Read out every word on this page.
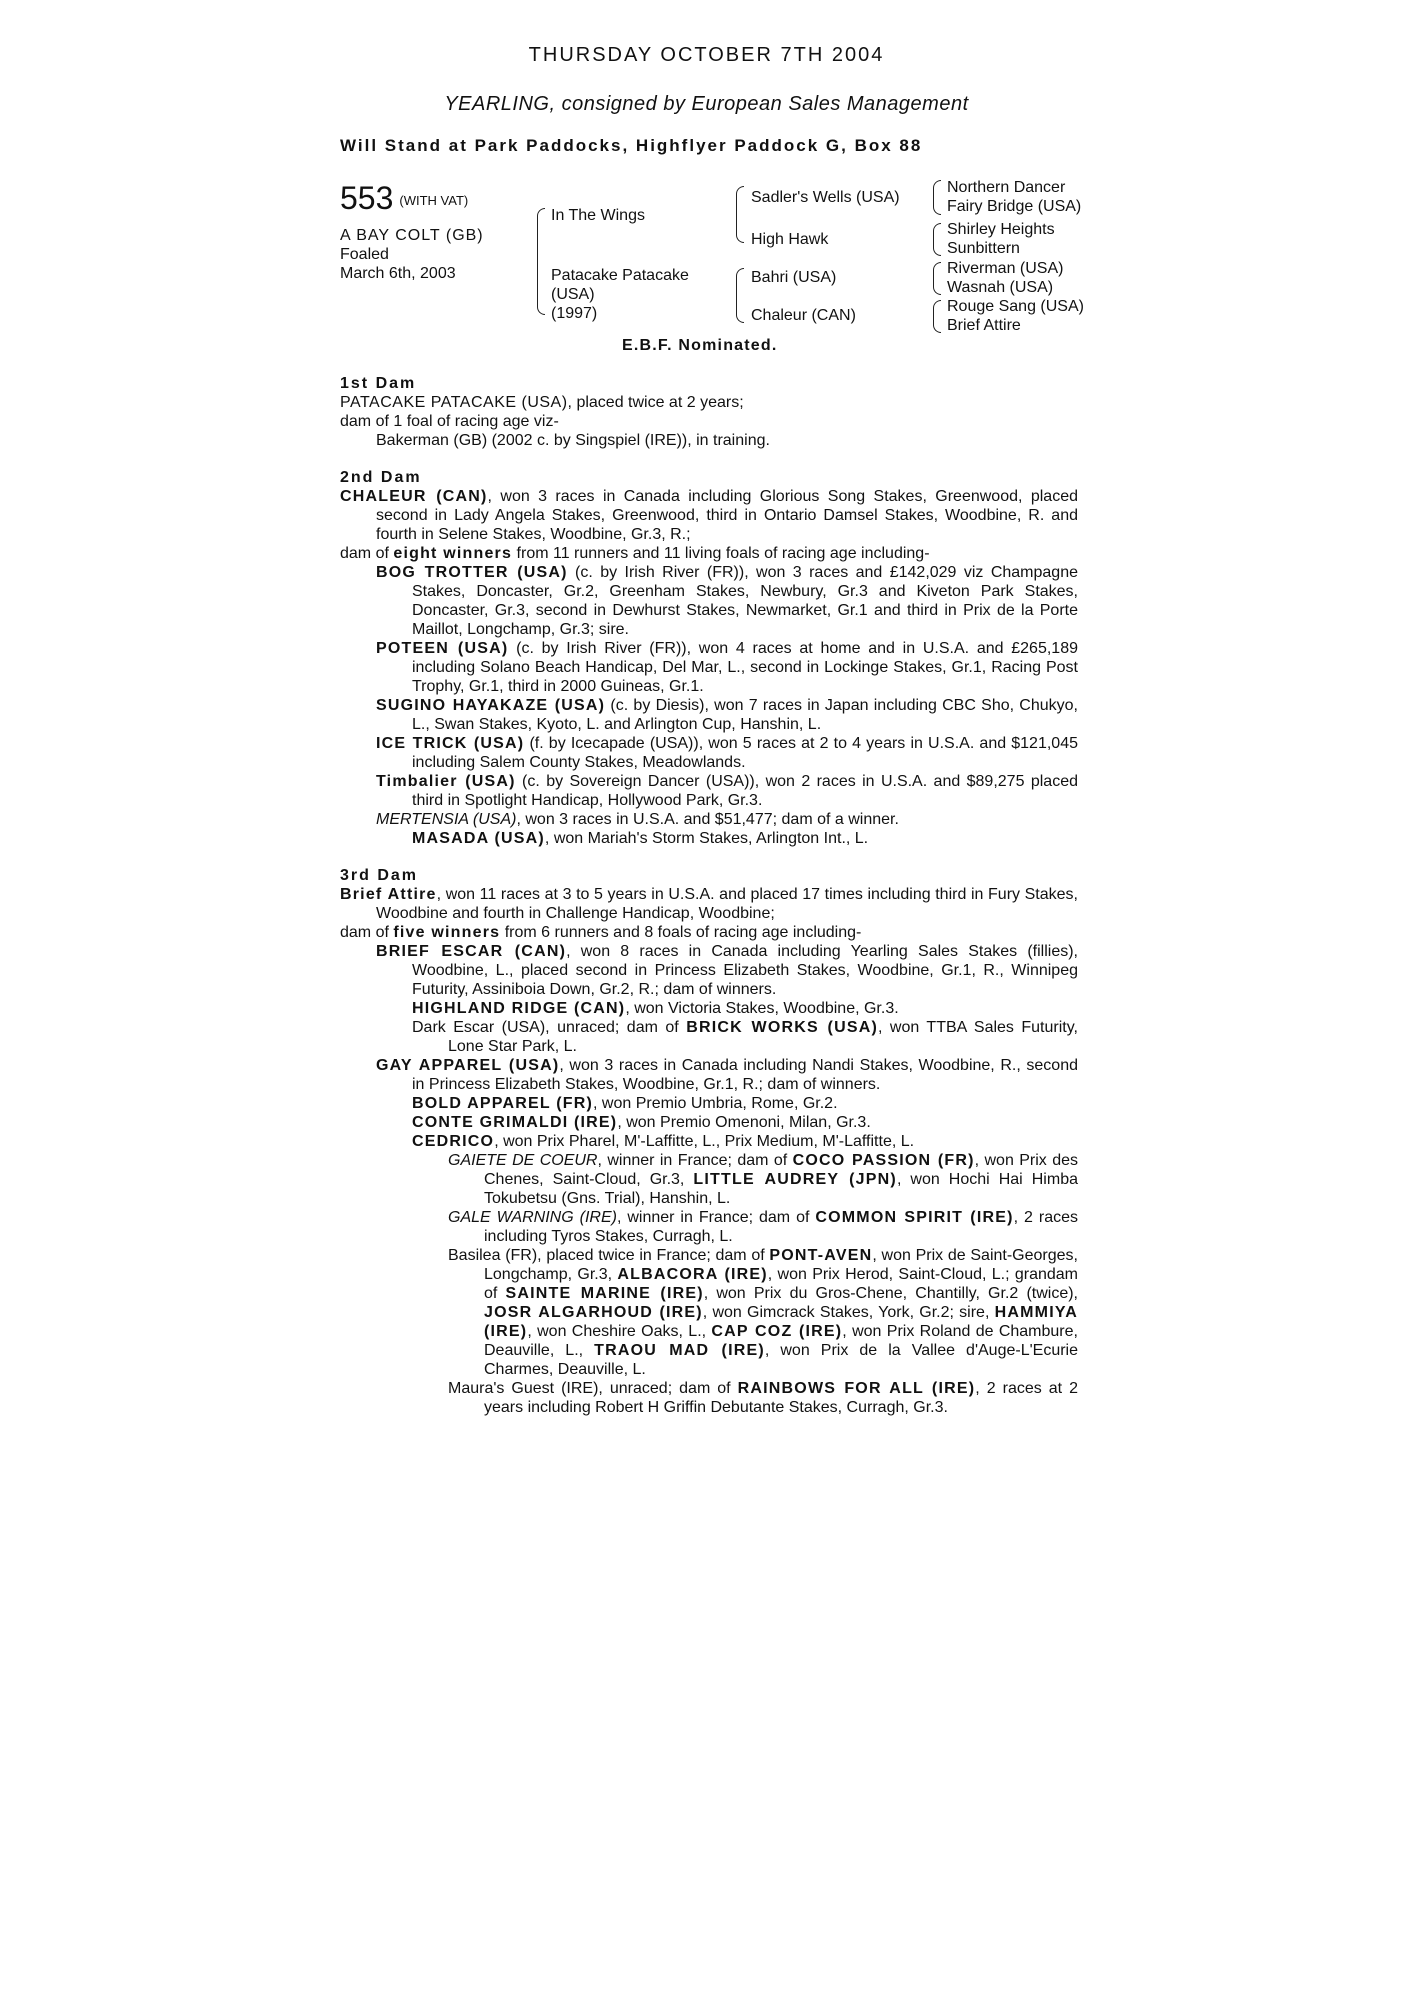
THURSDAY OCTOBER 7TH 2004
YEARLING, consigned by European Sales Management
Will Stand at Park Paddocks, Highflyer Paddock G, Box 88
553 (WITH VAT)
A BAY COLT (GB)
Foaled
March 6th, 2003
In The Wings
Patacake Patacake
(USA)
(1997)
Sadler's Wells (USA)
High Hawk
Bahri (USA)
Chaleur (CAN)
Northern Dancer
Fairy Bridge (USA)
Shirley Heights
Sunbittern
Riverman (USA)
Wasnah (USA)
Rouge Sang (USA)
Brief Attire
E.B.F. Nominated.

1st Dam

PATACAKE PATACAKE (USA), placed twice at 2 years;

dam of 1 foal of racing age viz-

Bakerman (GB) (2002 c. by Singspiel (IRE)), in training.

2nd Dam

CHALEUR (CAN), won 3 races in Canada including Glorious Song Stakes, Greenwood, placed second in Lady Angela Stakes, Greenwood, third in Ontario Damsel Stakes, Woodbine, R. and fourth in Selene Stakes, Woodbine, Gr.3, R.;

dam of eight winners from 11 runners and 11 living foals of racing age including-

BOG TROTTER (USA) (c. by Irish River (FR)), won 3 races and £142,029 viz Champagne Stakes, Doncaster, Gr.2, Greenham Stakes, Newbury, Gr.3 and Kiveton Park Stakes, Doncaster, Gr.3, second in Dewhurst Stakes, Newmarket, Gr.1 and third in Prix de la Porte Maillot, Longchamp, Gr.3; sire.

POTEEN (USA) (c. by Irish River (FR)), won 4 races at home and in U.S.A. and £265,189 including Solano Beach Handicap, Del Mar, L., second in Lockinge Stakes, Gr.1, Racing Post Trophy, Gr.1, third in 2000 Guineas, Gr.1.

SUGINO HAYAKAZE (USA) (c. by Diesis), won 7 races in Japan including CBC Sho, Chukyo, L., Swan Stakes, Kyoto, L. and Arlington Cup, Hanshin, L.

ICE TRICK (USA) (f. by Icecapade (USA)), won 5 races at 2 to 4 years in U.S.A. and $121,045 including Salem County Stakes, Meadowlands.

Timbalier (USA) (c. by Sovereign Dancer (USA)), won 2 races in U.S.A. and $89,275 placed third in Spotlight Handicap, Hollywood Park, Gr.3.

MERTENSIA (USA), won 3 races in U.S.A. and $51,477; dam of a winner.

MASADA (USA), won Mariah's Storm Stakes, Arlington Int., L.

3rd Dam

Brief Attire, won 11 races at 3 to 5 years in U.S.A. and placed 17 times including third in Fury Stakes, Woodbine and fourth in Challenge Handicap, Woodbine;

dam of five winners from 6 runners and 8 foals of racing age including-

BRIEF ESCAR (CAN), won 8 races in Canada including Yearling Sales Stakes (fillies), Woodbine, L., placed second in Princess Elizabeth Stakes, Woodbine, Gr.1, R., Winnipeg Futurity, Assiniboia Down, Gr.2, R.; dam of winners.

HIGHLAND RIDGE (CAN), won Victoria Stakes, Woodbine, Gr.3.

Dark Escar (USA), unraced; dam of BRICK WORKS (USA), won TTBA Sales Futurity, Lone Star Park, L.

GAY APPAREL (USA), won 3 races in Canada including Nandi Stakes, Woodbine, R., second in Princess Elizabeth Stakes, Woodbine, Gr.1, R.; dam of winners.

BOLD APPAREL (FR), won Premio Umbria, Rome, Gr.2.

CONTE GRIMALDI (IRE), won Premio Omenoni, Milan, Gr.3.

CEDRICO, won Prix Pharel, M'-Laffitte, L., Prix Medium, M'-Laffitte, L.

GAIETE DE COEUR, winner in France; dam of COCO PASSION (FR), won Prix des Chenes, Saint-Cloud, Gr.3, LITTLE AUDREY (JPN), won Hochi Hai Himba Tokubetsu (Gns. Trial), Hanshin, L.

GALE WARNING (IRE), winner in France; dam of COMMON SPIRIT (IRE), 2 races including Tyros Stakes, Curragh, L.

Basilea (FR), placed twice in France; dam of PONT-AVEN, won Prix de Saint-Georges, Longchamp, Gr.3, ALBACORA (IRE), won Prix Herod, Saint-Cloud, L.; grandam of SAINTE MARINE (IRE), won Prix du Gros-Chene, Chantilly, Gr.2 (twice), JOSR ALGARHOUD (IRE), won Gimcrack Stakes, York, Gr.2; sire, HAMMIYA (IRE), won Cheshire Oaks, L., CAP COZ (IRE), won Prix Roland de Chambure, Deauville, L., TRAOU MAD (IRE), won Prix de la Vallee d'Auge-L'Ecurie Charmes, Deauville, L.

Maura's Guest (IRE), unraced; dam of RAINBOWS FOR ALL (IRE), 2 races at 2 years including Robert H Griffin Debutante Stakes, Curragh, Gr.3.
